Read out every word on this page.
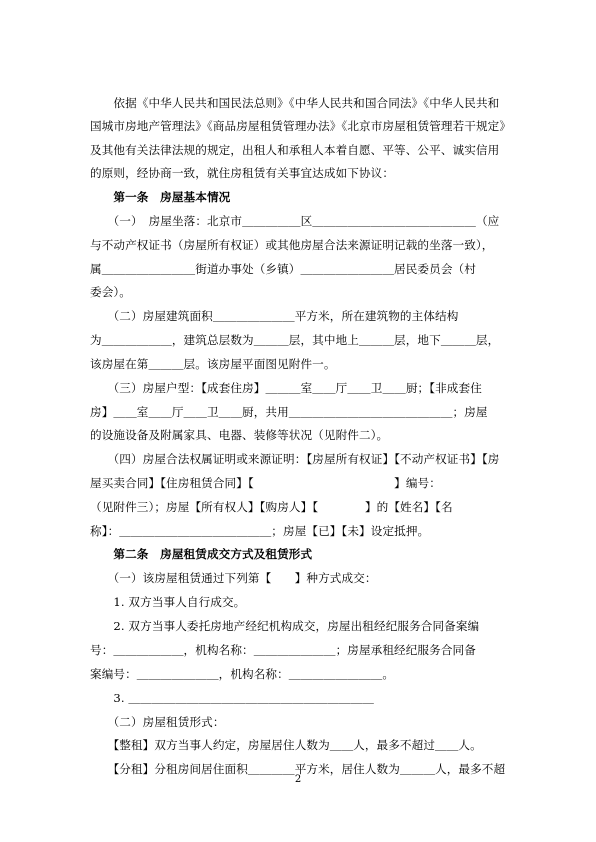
　　依据《中华人民共和国民法总则》《中华人民共和国合同法》《中华人民共和
国城市房地产管理法》《商品房屋租赁管理办法》《北京市房屋租赁管理若干规定》
及其他有关法律法规的规定，出租人和承租人本着自愿、平等、公平、诚实信用
的原则，经协商一致，就住房租赁有关事宜达成如下协议：
　　第一条　房屋基本情况
　　（一）　房屋坐落：北京市＿＿＿＿＿区＿＿＿＿＿＿＿＿＿＿＿＿＿＿（应
与不动产权证书（房屋所有权证）或其他房屋合法来源证明记载的坐落一致），
属＿＿＿＿＿＿＿＿街道办事处（乡镇）＿＿＿＿＿＿＿＿居民委员会（村
委会）。
　　（二）房屋建筑面积＿＿＿＿＿＿＿平方米，所在建筑物的主体结构
为＿＿＿＿＿＿，建筑总层数为＿＿＿层，其中地上＿＿＿层，地下＿＿＿层，
该房屋在第＿＿＿层。该房屋平面图见附件一。
　　（三）房屋户型：【成套住房】＿＿＿室＿＿厅＿＿卫＿＿厨；【非成套住
房】＿＿室＿＿厅＿＿卫＿＿厨，共用＿＿＿＿＿＿＿＿＿＿＿＿＿＿；房屋
的设施设备及附属家具、电器、装修等状况（见附件二）。
　　（四）房屋合法权属证明或来源证明：【房屋所有权证】【不动产权证书】【房
屋买卖合同】【住房租赁合同】【　　　　　　　　　　　　】编号：　　
（见附件三）；房屋【所有权人】【购房人】【　　　　】的【姓名】【名
称】：＿＿＿＿＿＿＿＿＿＿＿＿＿；房屋【已】【未】设定抵押。
　　第二条　房屋租赁成交方式及租赁形式
　　（一）该房屋租赁通过下列第【　　】种方式成交：
　　1. 双方当事人自行成交。
　　2. 双方当事人委托房地产经纪机构成交，房屋出租经纪服务合同备案编
号：＿＿＿＿＿＿，机构名称：＿＿＿＿＿＿＿；房屋承租经纪服务合同备
案编号：＿＿＿＿＿＿＿，机构名称：＿＿＿＿＿＿＿＿。
　　3. ＿＿＿＿＿＿＿＿＿＿＿＿＿＿＿＿＿＿＿＿＿
　　（二）房屋租赁形式：
　　【整租】双方当事人约定，房屋居住人数为＿＿人，最多不超过＿＿人。
　　【分租】分租房间居住面积＿＿＿＿平方米，居住人数为＿＿＿人，最多不超
2
